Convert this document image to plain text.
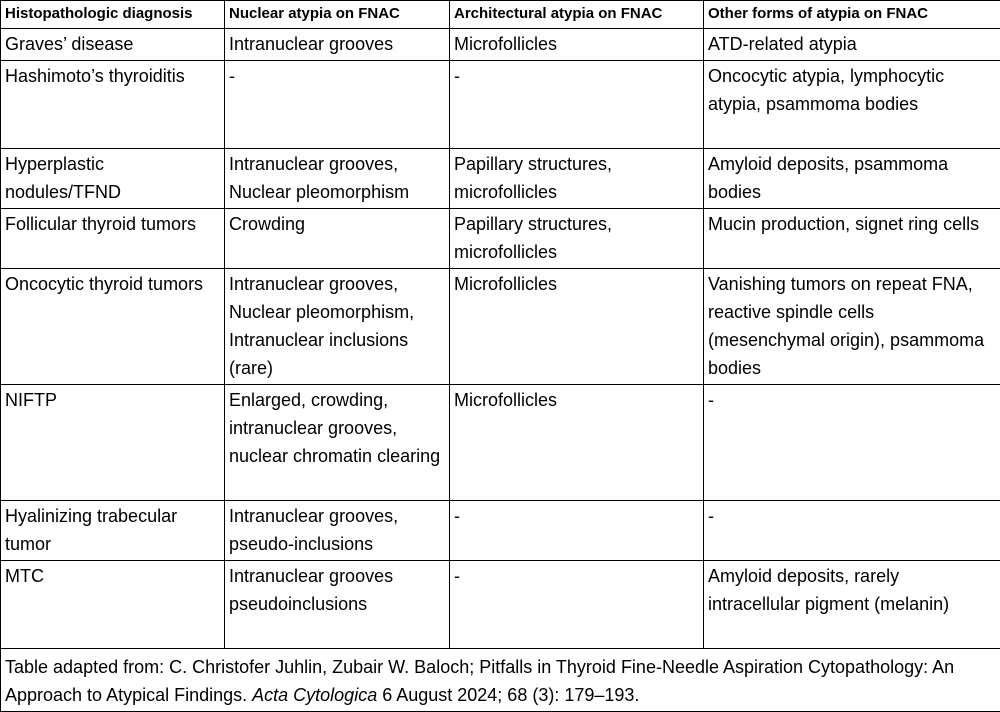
Histopathologic diagnosis	Nuclear atypia on FNAC	Architectural atypia on FNAC	Other forms of atypia on FNAC
Graves’ disease	Intranuclear grooves	Microfollicles	ATD-related atypia
Hashimoto’s thyroiditis	-	-	Oncocytic atypia, lymphocytic atypia, psammoma bodies
Hyperplastic nodules/TFND	Intranuclear grooves, Nuclear pleomorphism	Papillary structures, microfollicles	Amyloid deposits, psammoma bodies
Follicular thyroid tumors	Crowding	Papillary structures, microfollicles	Mucin production, signet ring cells
Oncocytic thyroid tumors	Intranuclear grooves, Nuclear pleomorphism, Intranuclear inclusions (rare)	Microfollicles	Vanishing tumors on repeat FNA, reactive spindle cells (mesenchymal origin), psammoma bodies
NIFTP	Enlarged, crowding, intranuclear grooves, nuclear chromatin clearing	Microfollicles	-
Hyalinizing trabecular tumor	Intranuclear grooves, pseudo-inclusions	-	-
MTC	Intranuclear grooves pseudoinclusions	-	Amyloid deposits, rarely intracellular pigment (melanin)
Table adapted from: C. Christofer Juhlin, Zubair W. Baloch; Pitfalls in Thyroid Fine-Needle Aspiration Cytopathology: An Approach to Atypical Findings. Acta Cytologica 6 August 2024; 68 (3): 179–193.			
